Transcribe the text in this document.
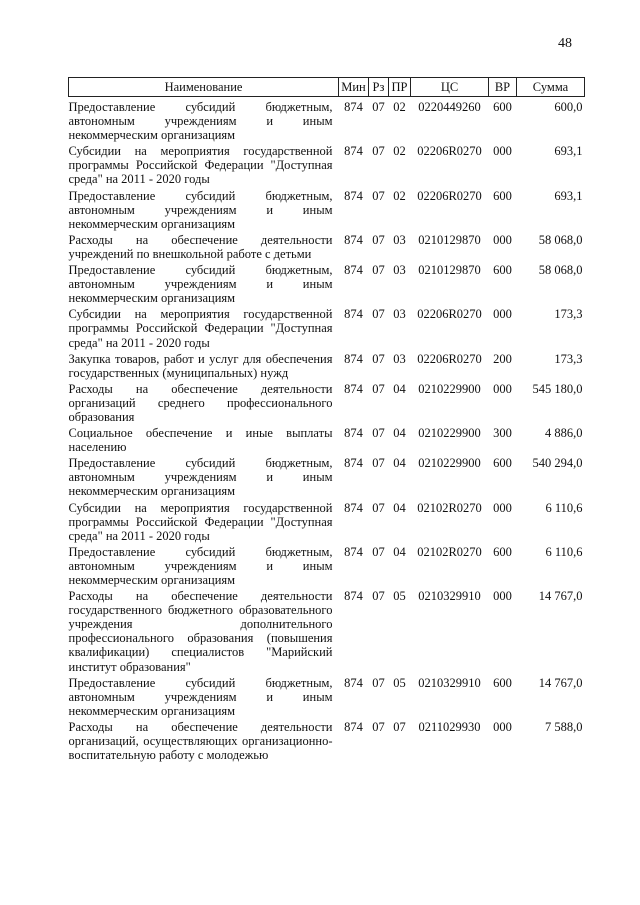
48
Наименование	Мин	Рз	ПР	ЦС	ВР	Сумма
Предоставление субсидий бюджетным, автономным учреждениям и иным некоммерческим организациям	874	07	02	0220449260	600	600,0
Субсидии на мероприятия государственной программы Российской Федерации "Доступная среда" на 2011 - 2020 годы	874	07	02	02206R0270	000	693,1
Предоставление субсидий бюджетным, автономным учреждениям и иным некоммерческим организациям	874	07	02	02206R0270	600	693,1
Расходы на обеспечение деятельности учреждений по внешкольной работе с детьми	874	07	03	0210129870	000	58 068,0
Предоставление субсидий бюджетным, автономным учреждениям и иным некоммерческим организациям	874	07	03	0210129870	600	58 068,0
Субсидии на мероприятия государственной программы Российской Федерации "Доступная среда" на 2011 - 2020 годы	874	07	03	02206R0270	000	173,3
Закупка товаров, работ и услуг для обеспечения государственных (муниципальных) нужд	874	07	03	02206R0270	200	173,3
Расходы на обеспечение деятельности организаций среднего профессионального образования	874	07	04	0210229900	000	545 180,0
Социальное обеспечение и иные выплаты населению	874	07	04	0210229900	300	4 886,0
Предоставление субсидий бюджетным, автономным учреждениям и иным некоммерческим организациям	874	07	04	0210229900	600	540 294,0
Субсидии на мероприятия государственной программы Российской Федерации "Доступная среда" на 2011 - 2020 годы	874	07	04	02102R0270	000	6 110,6
Предоставление субсидий бюджетным, автономным учреждениям и иным некоммерческим организациям	874	07	04	02102R0270	600	6 110,6
Расходы на обеспечение деятельности государственного бюджетного образовательного учреждения дополнительного профессионального образования (повышения квалификации) специалистов "Марийский институт образования"	874	07	05	0210329910	000	14 767,0
Предоставление субсидий бюджетным, автономным учреждениям и иным некоммерческим организациям	874	07	05	0210329910	600	14 767,0
Расходы на обеспечение деятельности организаций, осуществляющих организационно-воспитательную работу с молодежью	874	07	07	0211029930	000	7 588,0
